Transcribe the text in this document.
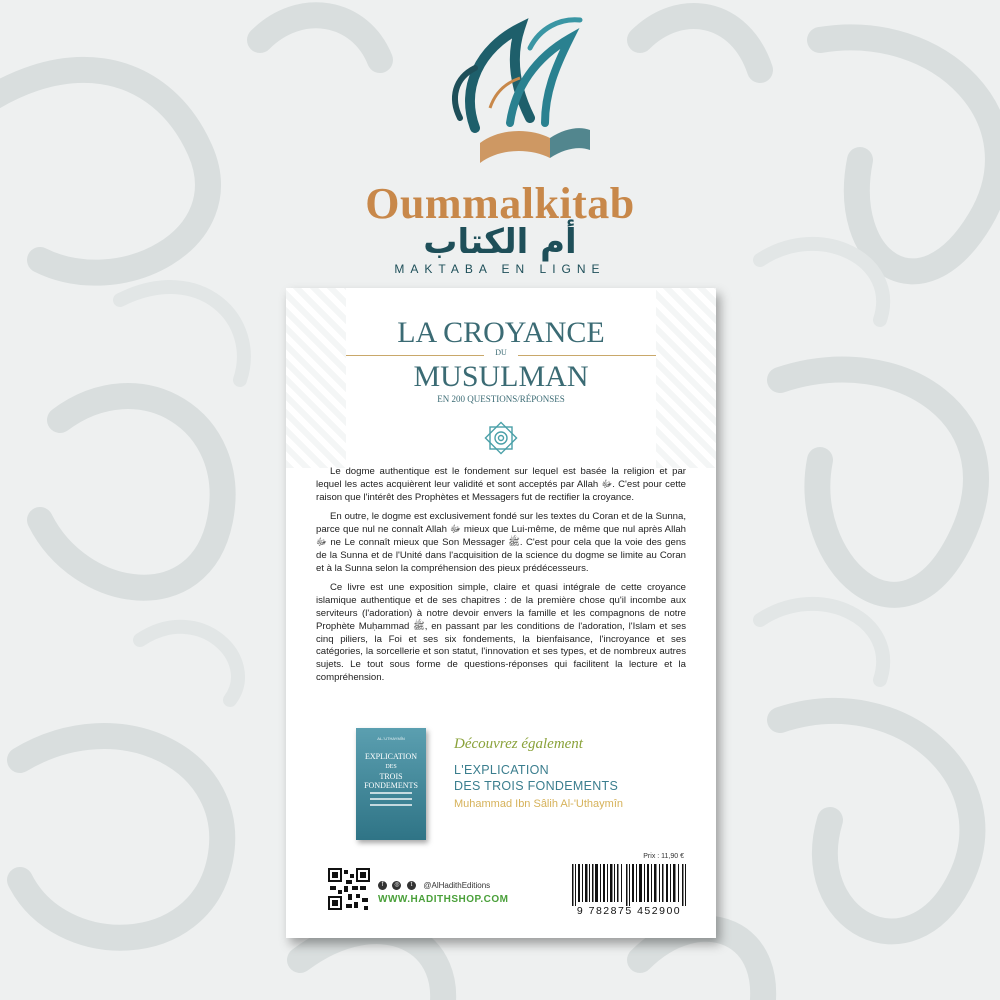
Oummalkitab
أم الكتاب
MAKTABA EN LIGNE
LA CROYANCE
DU
MUSULMAN
EN 200 QUESTIONS/RÉPONSES

Le dogme authentique est le fondement sur lequel est basée la religion et par lequel les actes acquièrent leur validité et sont acceptés par Allah ﷻ. C'est pour cette raison que l'intérêt des Prophètes et Messagers fut de rectifier la croyance.

En outre, le dogme est exclusivement fondé sur les textes du Coran et de la Sunna, parce que nul ne connaît Allah ﷻ mieux que Lui-même, de même que nul après Allah ﷻ ne Le connaît mieux que Son Messager ﷺ. C'est pour cela que la voie des gens de la Sunna et de l'Unité dans l'acquisition de la science du dogme se limite au Coran et à la Sunna selon la compréhension des pieux prédécesseurs.

Ce livre est une exposition simple, claire et quasi intégrale de cette croyance islamique authentique et de ses chapitres : de la première chose qu'il incombe aux serviteurs (l'adoration) à notre devoir envers la famille et les compagnons de notre Prophète Muḥammad ﷺ, en passant par les conditions de l'adoration, l'Islam et ses cinq piliers, la Foi et ses six fondements, la bienfaisance, l'incroyance et ses catégories, la sorcellerie et son statut, l'innovation et ses types, et de nombreux autres sujets. Le tout sous forme de questions-réponses qui facilitent la lecture et la compréhension.

AL-'UTHAYMÎN
EXPLICATION
DES
TROIS FONDEMENTS
Découvrez également
L'EXPLICATION
DES TROIS FONDEMENTS
Muhammad Ibn Sâlih Al-'Uthaymîn
f ◎ t @AlHadithEditions
WWW.HADITHSHOP.COM
Prix : 11,90 €
9 782875 452900
